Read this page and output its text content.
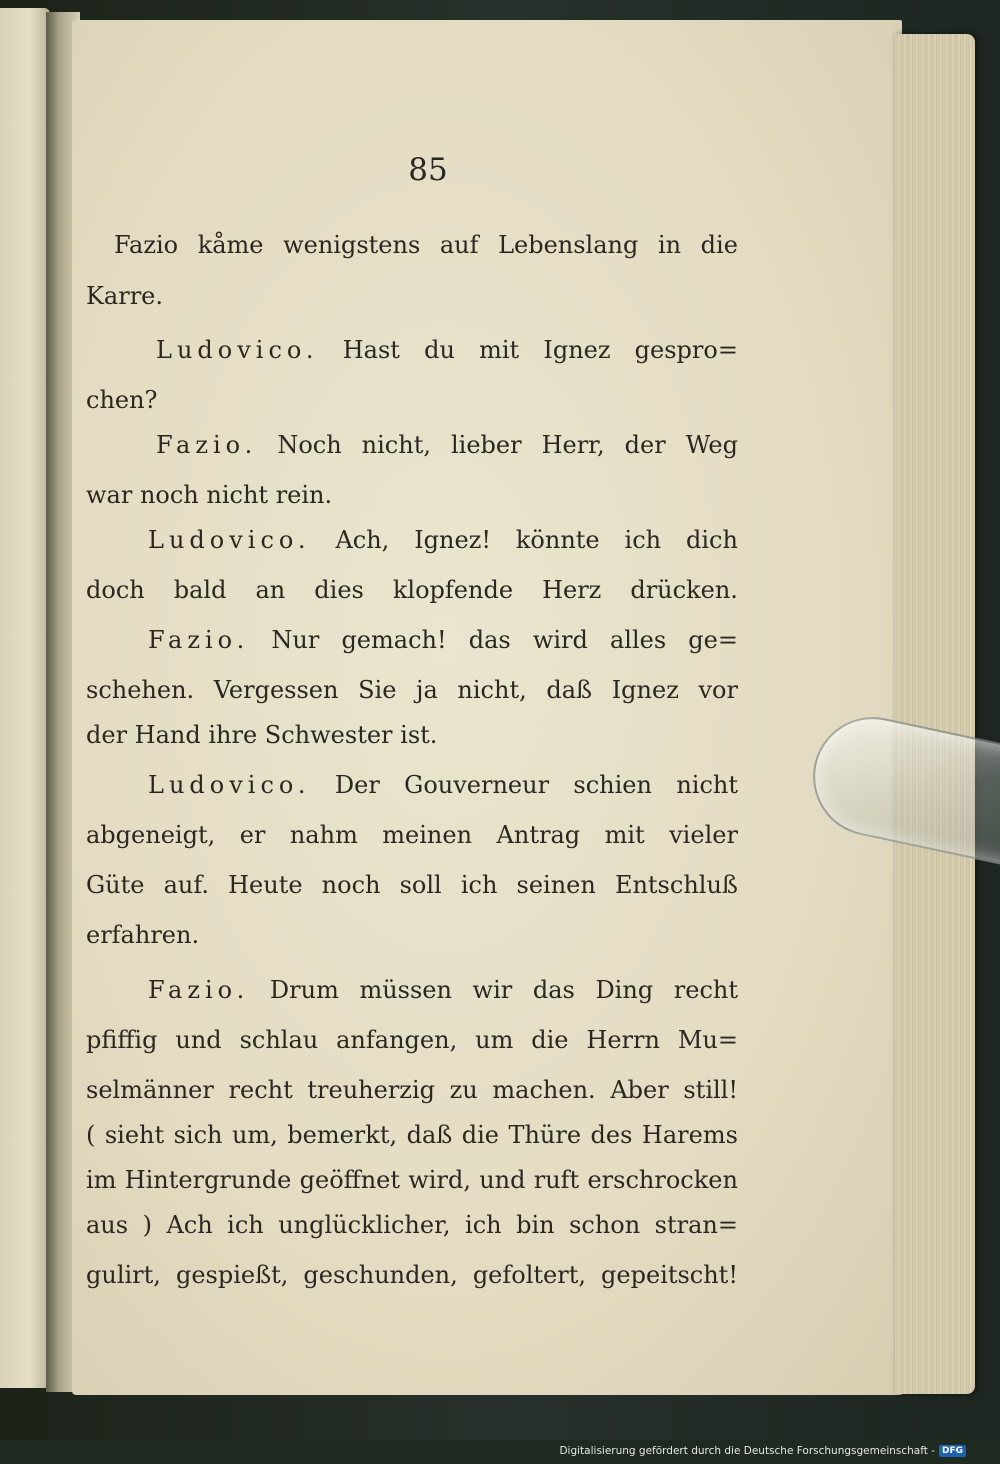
85
Fazio kåme wenigstens auf Lebenslang in die
Karre.
Ludovico. Hast du mit Ignez gespro=
chen?
Fazio. Noch nicht, lieber Herr, der Weg
war noch nicht rein.
Ludovico. Ach, Ignez! könnte ich dich
doch bald an dies klopfende Herz drücken.
Fazio. Nur gemach! das wird alles ge=
schehen. Vergessen Sie ja nicht, daß Ignez vor
der Hand ihre Schwester ist.
Ludovico. Der Gouverneur schien nicht
abgeneigt, er nahm meinen Antrag mit vieler
Güte auf. Heute noch soll ich seinen Entschluß
erfahren.
Fazio. Drum müssen wir das Ding recht
pfiffig und schlau anfangen, um die Herrn Mu=
selmänner recht treuherzig zu machen. Aber still!
( sieht sich um, bemerkt, daß die Thüre des Harems
im Hintergrunde geöffnet wird, und ruft erschrocken
aus ) Ach ich unglücklicher, ich bin schon stran=
gulirt, gespießt, geschunden, gefoltert, gepeitscht!
Digitalisierung gefördert durch die Deutsche Forschungsgemeinschaft - DFG
